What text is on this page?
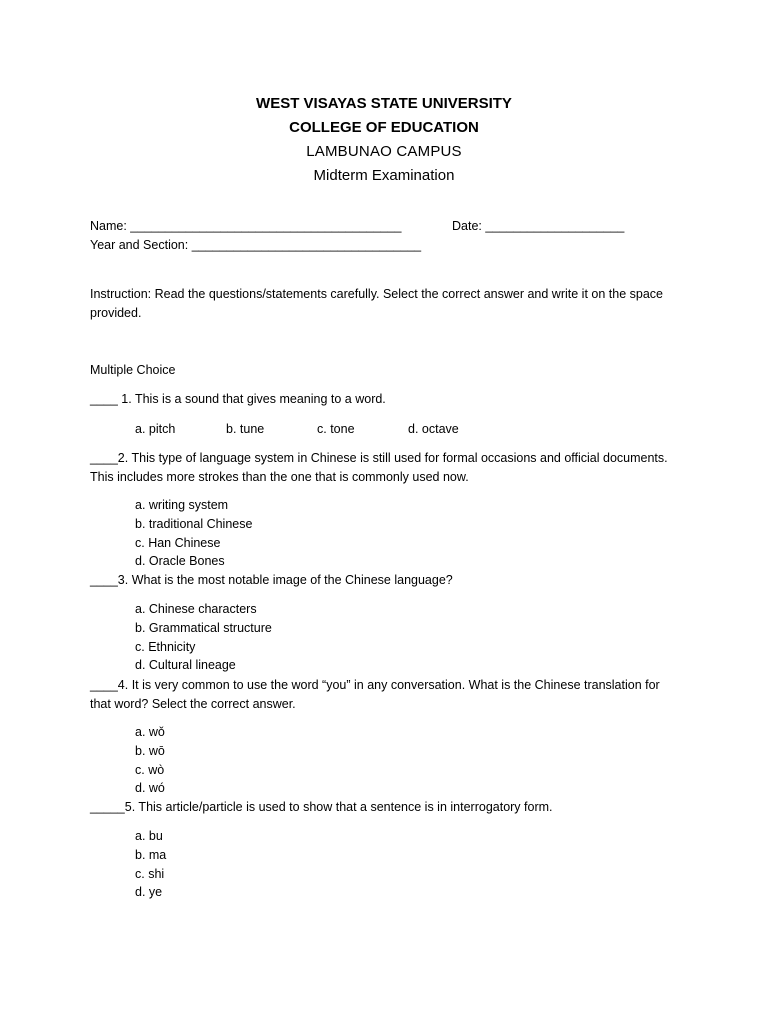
WEST VISAYAS STATE UNIVERSITY
COLLEGE OF EDUCATION
LAMBUNAO CAMPUS
Midterm Examination
Name: _______________________________________	Date: ____________________
Year and Section: _________________________________
Instruction: Read the questions/statements carefully. Select the correct answer and write it on the space provided.
Multiple Choice
____ 1. This is a sound that gives meaning to a word.
a. pitch	b. tune	c. tone	d. octave
____2. This type of language system in Chinese is still used for formal occasions and official documents. This includes more strokes than the one that is commonly used now.
a. writing system
b. traditional Chinese
c. Han Chinese
d. Oracle Bones
____3. What is the most notable image of the Chinese language?
a. Chinese characters
b. Grammatical structure
c. Ethnicity
d. Cultural lineage
____4. It is very common to use the word “you” in any conversation. What is the Chinese translation for that word? Select the correct answer.
a. wǒ
b. wō
c. wò
d. wó
_____5. This article/particle is used to show that a sentence is in interrogatory form.
a. bu
b. ma
c. shi
d. ye
